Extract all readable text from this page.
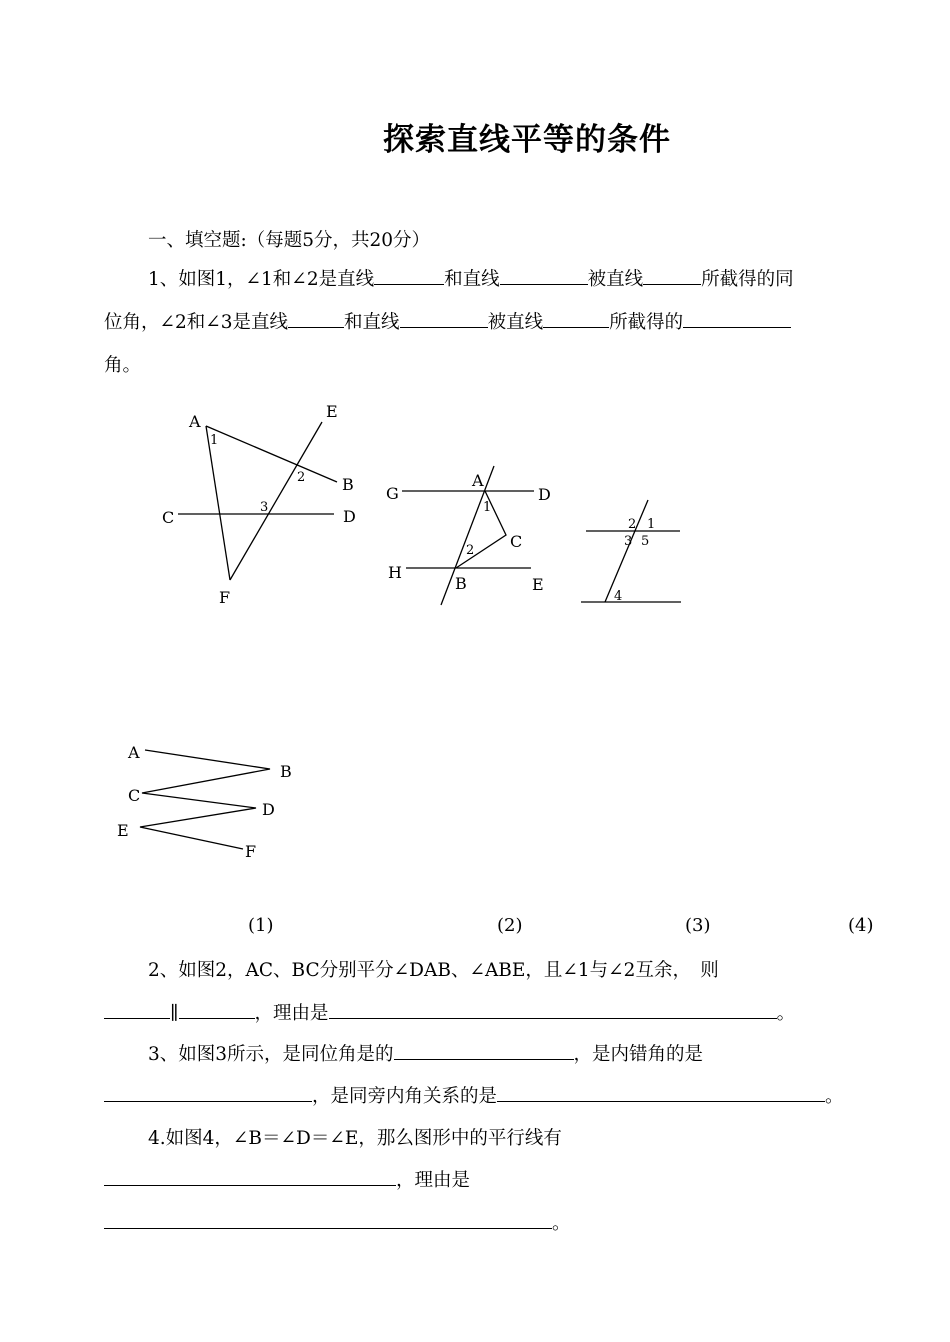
探索直线平等的条件
一、填空题:（每题5分，共20分）
1、如图1，∠1和∠2是直线	和直线	被直线	所截得的同
位角，∠2和∠3是直线	和直线	被直线	所截得的
角。
A
E
B
C	D
F
1
2
3
G
A
D
C
H
B	E
1
2
2 1
3 5
4
A
B
C
D
E
F
(1)	(2)	(3)	(4)
2、如图2，AC、BC分别平分∠DAB、∠ABE，且∠1与∠2互余，　则
∥	，理由是	。
3、如图3所示，是同位角是的	，是内错角的是
，是同旁内角关系的是	。
4.如图4，∠B＝∠D＝∠E，那么图形中的平行线有
，理由是
。
